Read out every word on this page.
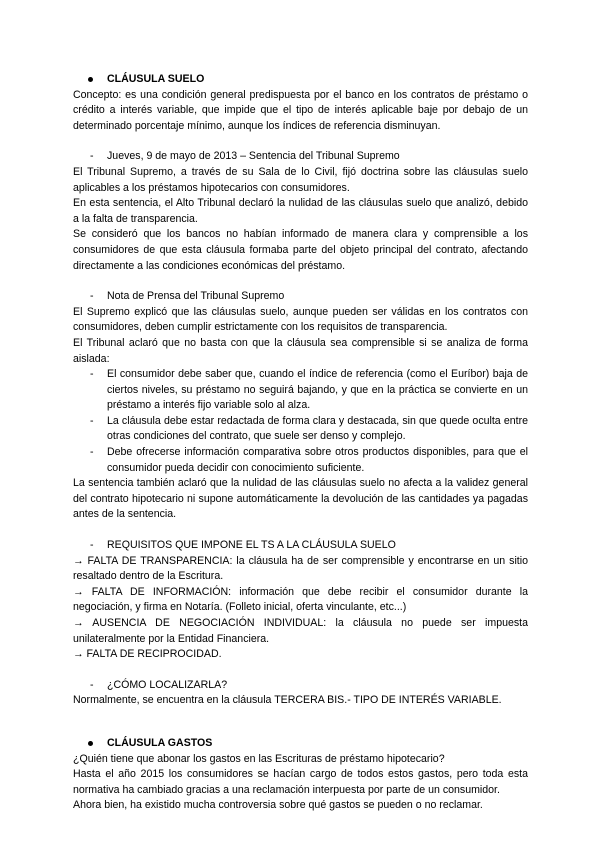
CLÁUSULA SUELO
Concepto: es una condición general predispuesta por el banco en los contratos de préstamo o crédito a interés variable, que impide que el tipo de interés aplicable baje por debajo de un determinado porcentaje mínimo, aunque los índices de referencia disminuyan.
-	Jueves, 9 de mayo de 2013 – Sentencia del Tribunal Supremo
El Tribunal Supremo, a través de su Sala de lo Civil, fijó doctrina sobre las cláusulas suelo aplicables a los préstamos hipotecarios con consumidores.
En esta sentencia, el Alto Tribunal declaró la nulidad de las cláusulas suelo que analizó, debido a la falta de transparencia.
Se consideró que los bancos no habían informado de manera clara y comprensible a los consumidores de que esta cláusula formaba parte del objeto principal del contrato, afectando directamente a las condiciones económicas del préstamo.
-	Nota de Prensa del Tribunal Supremo
El Supremo explicó que las cláusulas suelo, aunque pueden ser válidas en los contratos con consumidores, deben cumplir estrictamente con los requisitos de transparencia.
El Tribunal aclaró que no basta con que la cláusula sea comprensible si se analiza de forma aislada:
-	El consumidor debe saber que, cuando el índice de referencia (como el Euríbor) baja de ciertos niveles, su préstamo no seguirá bajando, y que en la práctica se convierte en un préstamo a interés fijo variable solo al alza.
-	La cláusula debe estar redactada de forma clara y destacada, sin que quede oculta entre otras condiciones del contrato, que suele ser denso y complejo.
-	Debe ofrecerse información comparativa sobre otros productos disponibles, para que el consumidor pueda decidir con conocimiento suficiente.
La sentencia también aclaró que la nulidad de las cláusulas suelo no afecta a la validez general del contrato hipotecario ni supone automáticamente la devolución de las cantidades ya pagadas antes de la sentencia.
-	REQUISITOS QUE IMPONE EL TS A LA CLÁUSULA SUELO
→ FALTA DE TRANSPARENCIA: la cláusula ha de ser comprensible y encontrarse en un sitio resaltado dentro de la Escritura.
→ FALTA DE INFORMACIÓN: información que debe recibir el consumidor durante la negociación, y firma en Notaría. (Folleto inicial, oferta vinculante, etc...)
→ AUSENCIA DE NEGOCIACIÓN INDIVIDUAL: la cláusula no puede ser impuesta unilateralmente por la Entidad Financiera.
→ FALTA DE RECIPROCIDAD.
-	¿CÓMO LOCALIZARLA?
Normalmente, se encuentra en la cláusula TERCERA BIS.- TIPO DE INTERÉS VARIABLE.
CLÁUSULA GASTOS
¿Quién tiene que abonar los gastos en las Escrituras de préstamo hipotecario?
Hasta el año 2015 los consumidores se hacían cargo de todos estos gastos, pero toda esta normativa ha cambiado gracias a una reclamación interpuesta por parte de un consumidor.
Ahora bien, ha existido mucha controversia sobre qué gastos se pueden o no reclamar.
